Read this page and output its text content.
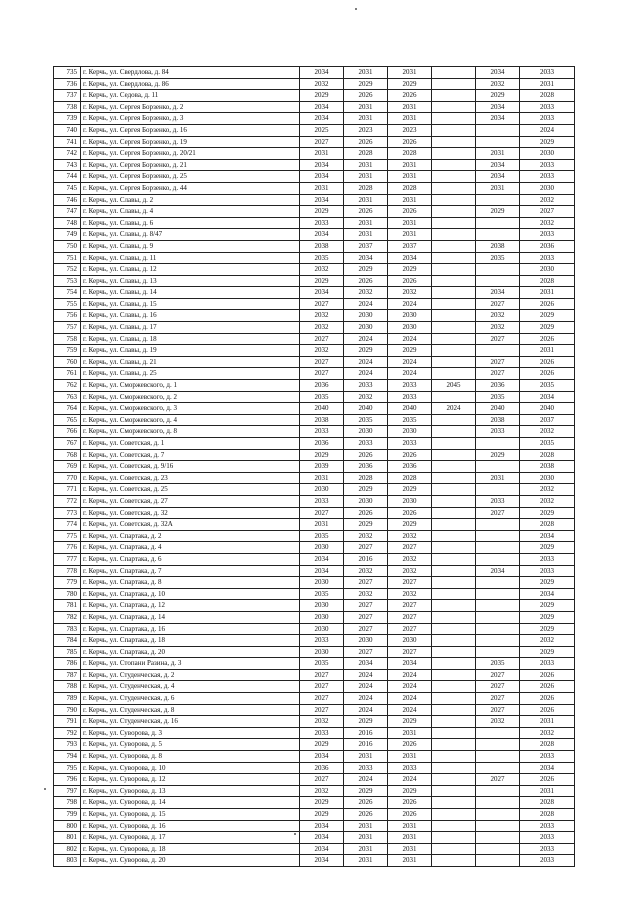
735	г. Керчь, ул. Свердлова, д. 84	2034	2031	2031		2034	2033
736	г. Керчь, ул. Свердлова, д. 86	2032	2029	2029		2032	2031
737	г. Керчь, ул. Седова, д. 11	2029	2026	2026		2029	2028
738	г. Керчь, ул. Сергея Борзенко, д. 2	2034	2031	2031		2034	2033
739	г. Керчь, ул. Сергея Борзенко, д. 3	2034	2031	2031		2034	2033
740	г. Керчь, ул. Сергея Борзенко, д. 16	2025	2023	2023			2024
741	г. Керчь, ул. Сергея Борзенко, д. 19	2027	2026	2026			2029
742	г. Керчь, ул. Сергея Борзенко, д. 20/21	2031	2028	2028		2031	2030
743	г. Керчь, ул. Сергея Борзенко, д. 21	2034	2031	2031		2034	2033
744	г. Керчь, ул. Сергея Борзенко, д. 25	2034	2031	2031		2034	2033
745	г. Керчь, ул. Сергея Борзенко, д. 44	2031	2028	2028		2031	2030
746	г. Керчь, ул. Славы, д. 2	2034	2031	2031			2032
747	г. Керчь, ул. Славы, д. 4	2029	2026	2026		2029	2027
748	г. Керчь, ул. Славы, д. 6	2033	2031	2031			2032
749	г. Керчь, ул. Славы, д. 8/47	2034	2031	2031			2033
750	г. Керчь, ул. Славы, д. 9	2038	2037	2037		2038	2036
751	г. Керчь, ул. Славы, д. 11	2035	2034	2034		2035	2033
752	г. Керчь, ул. Славы, д. 12	2032	2029	2029			2030
753	г. Керчь, ул. Славы, д. 13	2029	2026	2026			2028
754	г. Керчь, ул. Славы, д. 14	2034	2032	2032		2034	2031
755	г. Керчь, ул. Славы, д. 15	2027	2024	2024		2027	2026
756	г. Керчь, ул. Славы, д. 16	2032	2030	2030		2032	2029
757	г. Керчь, ул. Славы, д. 17	2032	2030	2030		2032	2029
758	г. Керчь, ул. Славы, д. 18	2027	2024	2024		2027	2026
759	г. Керчь, ул. Славы, д. 19	2032	2029	2029			2031
760	г. Керчь, ул. Славы, д. 21	2027	2024	2024		2027	2026
761	г. Керчь, ул. Славы, д. 25	2027	2024	2024		2027	2026
762	г. Керчь, ул. Сморжевского, д. 1	2036	2033	2033	2045	2036	2035
763	г. Керчь, ул. Сморжевского, д. 2	2035	2032	2033		2035	2034
764	г. Керчь, ул. Сморжевского, д. 3	2040	2040	2040	2024	2040	2040
765	г. Керчь, ул. Сморжевского, д. 4	2038	2035	2035		2038	2037
766	г. Керчь, ул. Сморжевского, д. 8	2033	2030	2030		2033	2032
767	г. Керчь, ул. Советская, д. 1	2036	2033	2033			2035
768	г. Керчь, ул. Советская, д. 7	2029	2026	2026		2029	2028
769	г. Керчь, ул. Советская, д. 9/16	2039	2036	2036			2038
770	г. Керчь, ул. Советская, д. 23	2031	2028	2028		2031	2030
771	г. Керчь, ул. Советская, д. 25	2030	2029	2029			2032
772	г. Керчь, ул. Советская, д. 27	2033	2030	2030		2033	2032
773	г. Керчь, ул. Советская, д. 32	2027	2026	2026		2027	2029
774	г. Керчь, ул. Советская, д. 32А	2031	2029	2029			2028
775	г. Керчь, ул. Спартака, д. 2	2035	2032	2032			2034
776	г. Керчь, ул. Спартака, д. 4	2030	2027	2027			2029
777	г. Керчь, ул. Спартака, д. 6	2034	2016	2032			2033
778	г. Керчь, ул. Спартака, д. 7	2034	2032	2032		2034	2033
779	г. Керчь, ул. Спартака, д. 8	2030	2027	2027			2029
780	г. Керчь, ул. Спартака, д. 10	2035	2032	2032			2034
781	г. Керчь, ул. Спартака, д. 12	2030	2027	2027			2029
782	г. Керчь, ул. Спартака, д. 14	2030	2027	2027			2029
783	г. Керчь, ул. Спартака, д. 16	2030	2027	2027			2029
784	г. Керчь, ул. Спартака, д. 18	2033	2030	2030			2032
785	г. Керчь, ул. Спартака, д. 20	2030	2027	2027			2029
786	г. Керчь, ул. Стопани Разина, д. 3	2035	2034	2034		2035	2033
787	г. Керчь, ул. Студенческая, д. 2	2027	2024	2024		2027	2026
788	г. Керчь, ул. Студенческая, д. 4	2027	2024	2024		2027	2026
789	г. Керчь, ул. Студенческая, д. 6	2027	2024	2024		2027	2026
790	г. Керчь, ул. Студенческая, д. 8	2027	2024	2024		2027	2026
791	г. Керчь, ул. Студенческая, д. 16	2032	2029	2029		2032	2031
792	г. Керчь, ул. Суворова, д. 3	2033	2016	2031			2032
793	г. Керчь, ул. Суворова, д. 5	2029	2016	2026			2028
794	г. Керчь, ул. Суворова, д. 8	2034	2031	2031			2033
795	г. Керчь, ул. Суворова, д. 10	2036	2033	2033			2034
796	г. Керчь, ул. Суворова, д. 12	2027	2024	2024		2027	2026
797	г. Керчь, ул. Суворова, д. 13	2032	2029	2029			2031
798	г. Керчь, ул. Суворова, д. 14	2029	2026	2026			2028
799	г. Керчь, ул. Суворова, д. 15	2029	2026	2026			2028
800	г. Керчь, ул. Суворова, д. 16	2034	2031	2031			2033
801	г. Керчь, ул. Суворова, д. 17	2034	2031	2031			2033
802	г. Керчь, ул. Суворова, д. 18	2034	2031	2031			2033
803	г. Керчь, ул. Суворова, д. 20	2034	2031	2031			2033
